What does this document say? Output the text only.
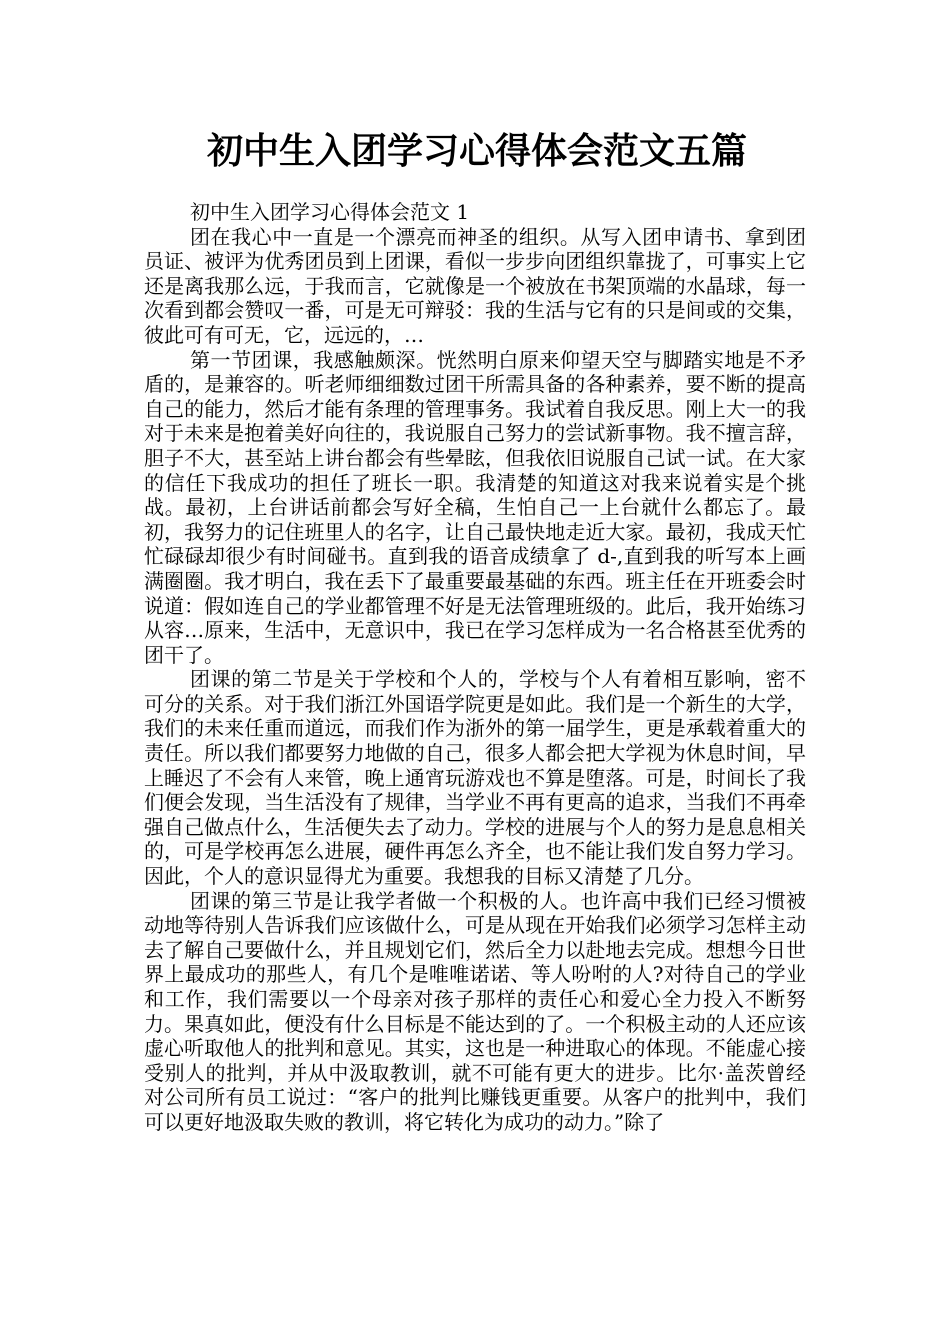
初中生入团学习心得体会范文五篇

初中生入团学习心得体会范文 1

团在我心中一直是一个漂亮而神圣的组织。从写入团申请书、拿到团员证、被评为优秀团员到上团课，看似一步步向团组织靠拢了，可事实上它还是离我那么远，于我而言，它就像是一个被放在书架顶端的水晶球，每一次看到都会赞叹一番，可是无可辩驳：我的生活与它有的只是间或的交集，彼此可有可无，它，远远的，…

第一节团课，我感触颇深。恍然明白原来仰望天空与脚踏实地是不矛盾的，是兼容的。听老师细细数过团干所需具备的各种素养，要不断的提高自己的能力，然后才能有条理的管理事务。我试着自我反思。刚上大一的我对于未来是抱着美好向往的，我说服自己努力的尝试新事物。我不擅言辞，胆子不大，甚至站上讲台都会有些晕眩，但我依旧说服自己试一试。在大家的信任下我成功的担任了班长一职。我清楚的知道这对我来说着实是个挑战。最初，上台讲话前都会写好全稿，生怕自己一上台就什么都忘了。最初，我努力的记住班里人的名字，让自己最快地走近大家。最初，我成天忙忙碌碌却很少有时间碰书。直到我的语音成绩拿了 d-,直到我的听写本上画满圈圈。我才明白，我在丢下了最重要最基础的东西。班主任在开班委会时说道：假如连自己的学业都管理不好是无法管理班级的。此后，我开始练习从容…原来，生活中，无意识中，我已在学习怎样成为一名合格甚至优秀的团干了。

团课的第二节是关于学校和个人的，学校与个人有着相互影响，密不可分的关系。对于我们浙江外国语学院更是如此。我们是一个新生的大学，我们的未来任重而道远，而我们作为浙外的第一届学生，更是承载着重大的责任。所以我们都要努力地做的自己，很多人都会把大学视为休息时间，早上睡迟了不会有人来管，晚上通宵玩游戏也不算是堕落。可是，时间长了我们便会发现，当生活没有了规律，当学业不再有更高的追求，当我们不再牵强自己做点什么，生活便失去了动力。学校的进展与个人的努力是息息相关的，可是学校再怎么进展，硬件再怎么齐全，也不能让我们发自努力学习。因此，个人的意识显得尤为重要。我想我的目标又清楚了几分。

团课的第三节是让我学者做一个积极的人。也许高中我们已经习惯被动地等待别人告诉我们应该做什么，可是从现在开始我们必须学习怎样主动去了解自己要做什么，并且规划它们，然后全力以赴地去完成。想想今日世界上最成功的那些人，有几个是唯唯诺诺、等人吩咐的人?对待自己的学业和工作，我们需要以一个母亲对孩子那样的责任心和爱心全力投入不断努力。果真如此，便没有什么目标是不能达到的了。一个积极主动的人还应该虚心听取他人的批判和意见。其实，这也是一种进取心的体现。不能虚心接受别人的批判，并从中汲取教训，就不可能有更大的进步。比尔·盖茨曾经对公司所有员工说过：“客户的批判比赚钱更重要。从客户的批判中，我们可以更好地汲取失败的教训，将它转化为成功的动力。”除了
